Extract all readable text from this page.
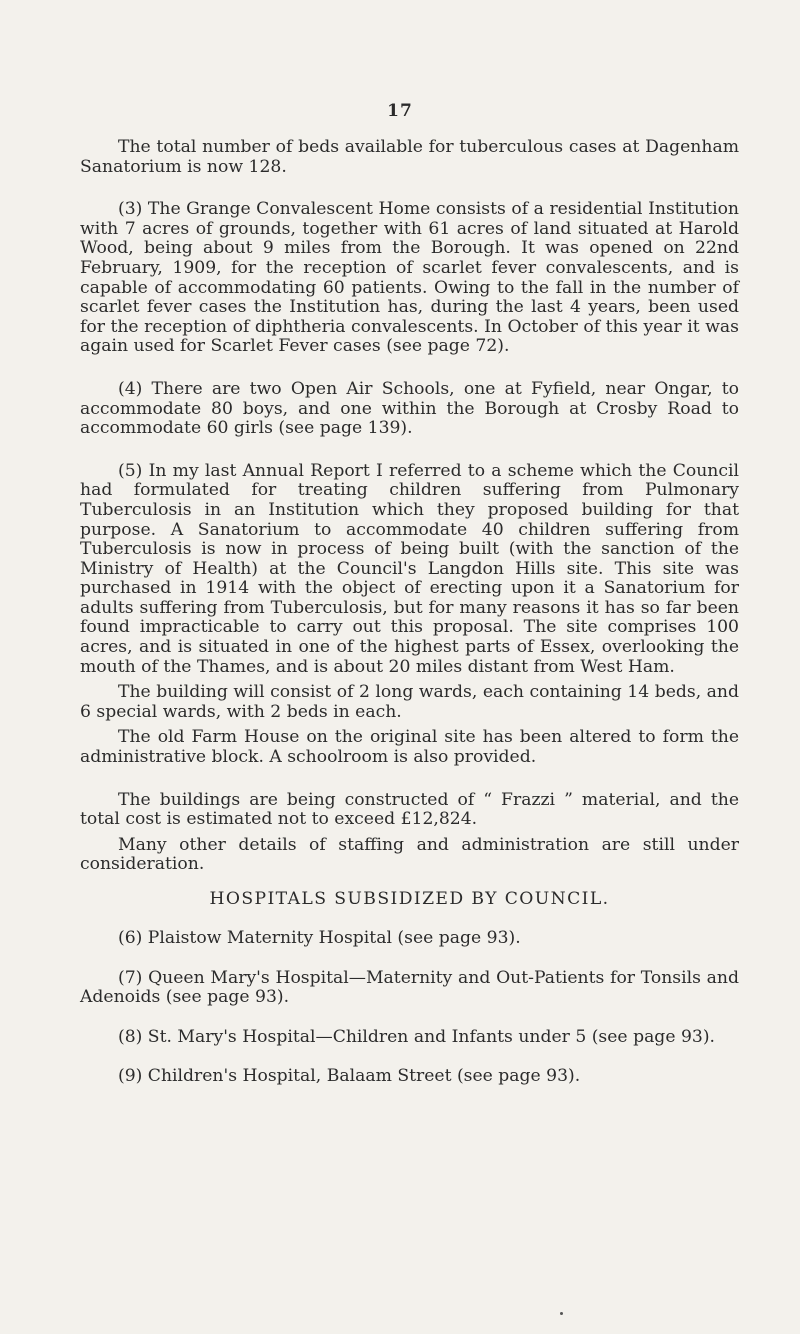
17

The total number of beds available for tuberculous cases at Dagenham Sanatorium is now 128.

(3) The Grange Convalescent Home consists of a residential Institution with 7 acres of grounds, together with 61 acres of land situated at Harold Wood, being about 9 miles from the Borough. It was opened on 22nd February, 1909, for the reception of scarlet fever convalescents, and is capable of accommodating 60 patients. Owing to the fall in the number of scarlet fever cases the Institution has, during the last 4 years, been used for the reception of diphtheria convalescents. In October of this year it was again used for Scarlet Fever cases (see page 72).

(4) There are two Open Air Schools, one at Fyfield, near Ongar, to accommodate 80 boys, and one within the Borough at Crosby Road to accommodate 60 girls (see page 139).

(5) In my last Annual Report I referred to a scheme which the Council had formulated for treating children suffering from Pulmonary Tuberculosis in an Institution which they proposed building for that purpose. A Sanatorium to accommodate 40 children suffering from Tuberculosis is now in process of being built (with the sanction of the Ministry of Health) at the Council's Langdon Hills site. This site was purchased in 1914 with the object of erecting upon it a Sanatorium for adults suffering from Tuberculosis, but for many reasons it has so far been found impracticable to carry out this proposal. The site comprises 100 acres, and is situated in one of the highest parts of Essex, overlooking the mouth of the Thames, and is about 20 miles distant from West Ham.

The building will consist of 2 long wards, each containing 14 beds, and 6 special wards, with 2 beds in each.

The old Farm House on the original site has been altered to form the administrative block. A schoolroom is also provided.

The buildings are being constructed of “ Frazzi ” material, and the total cost is estimated not to exceed £12,824.

Many other details of staffing and administration are still under consideration.

HOSPITALS SUBSIDIZED BY COUNCIL.

(6) Plaistow Maternity Hospital (see page 93).

(7) Queen Mary's Hospital—Maternity and Out-Patients for Tonsils and Adenoids (see page 93).

(8) St. Mary's Hospital—Children and Infants under 5 (see page 93).

(9) Children's Hospital, Balaam Street (see page 93).
